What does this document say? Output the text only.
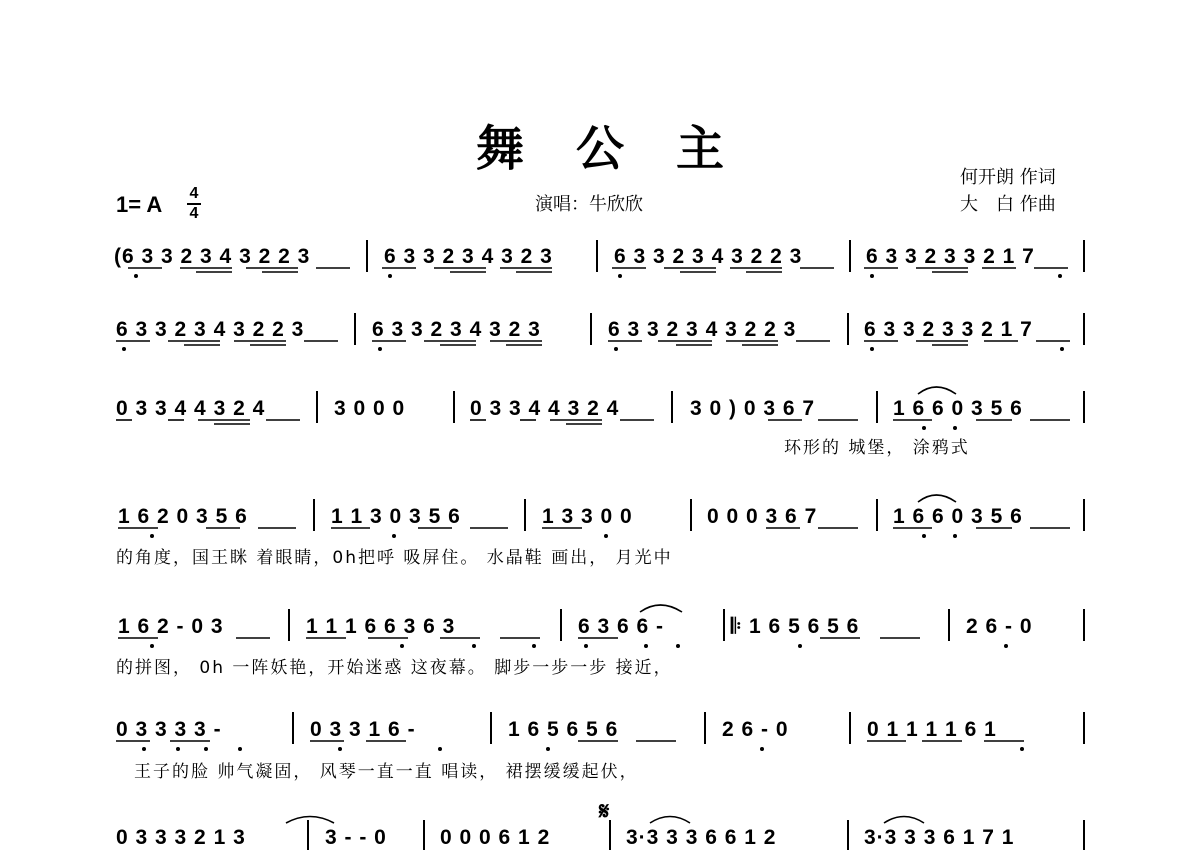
舞公主
何开朗 作词
大　白 作曲
1= A 4
4	演唱：牛欣欣
(6 3 3 2 3 4 3 2 2 3	6 3 3 2 3 4 3 2 3	6 3 3 2 3 4 3 2 2 3	6 3 3 2 3 3 2 1 7
6 3 3 2 3 4 3 2 2 3	6 3 3 2 3 4 3 2 3	6 3 3 2 3 4 3 2 2 3	6 3 3 2 3 3 2 1 7
0 3 3 4 4 3 2 4	3 0 0 0	0 3 3 4 4 3 2 4	3 0 ) 0 3 6 7	1 6 6 0 3 5 6
环形的 城堡， 涂鸦式
1 6 2 0 3 5 6	1 1 3 0 3 5 6	1 3 3 0 0	0 0 0 3 6 7	1 6 6 0 3 5 6
的角度，国王眯 着眼睛，0h把呼 吸屏住。 水晶鞋 画出， 月光中
1 6 2 - 0 3	1 1 1 6 6 3 6 3	6 3 6 6 -	𝄆 1 6 5 6 5 6	2 6 - 0
的拼图， 0h 一阵妖艳，开始迷惑 这夜幕。 脚步一步一步 接近，
0 3 3 3 3 -	0 3 3 1 6 -	1 6 5 6 5 6	2 6 - 0	0 1 1 1 1 6 1
王子的脸 帅气凝固， 风琴一直一直 唱读， 裙摆缓缓起伏，
𝄋
0 3 3 3 2 1 3	3 - - 0	0 0 0 6 1 2	3·3 3 3 6 6 1 2	3·3 3 3 6 1 7 1
